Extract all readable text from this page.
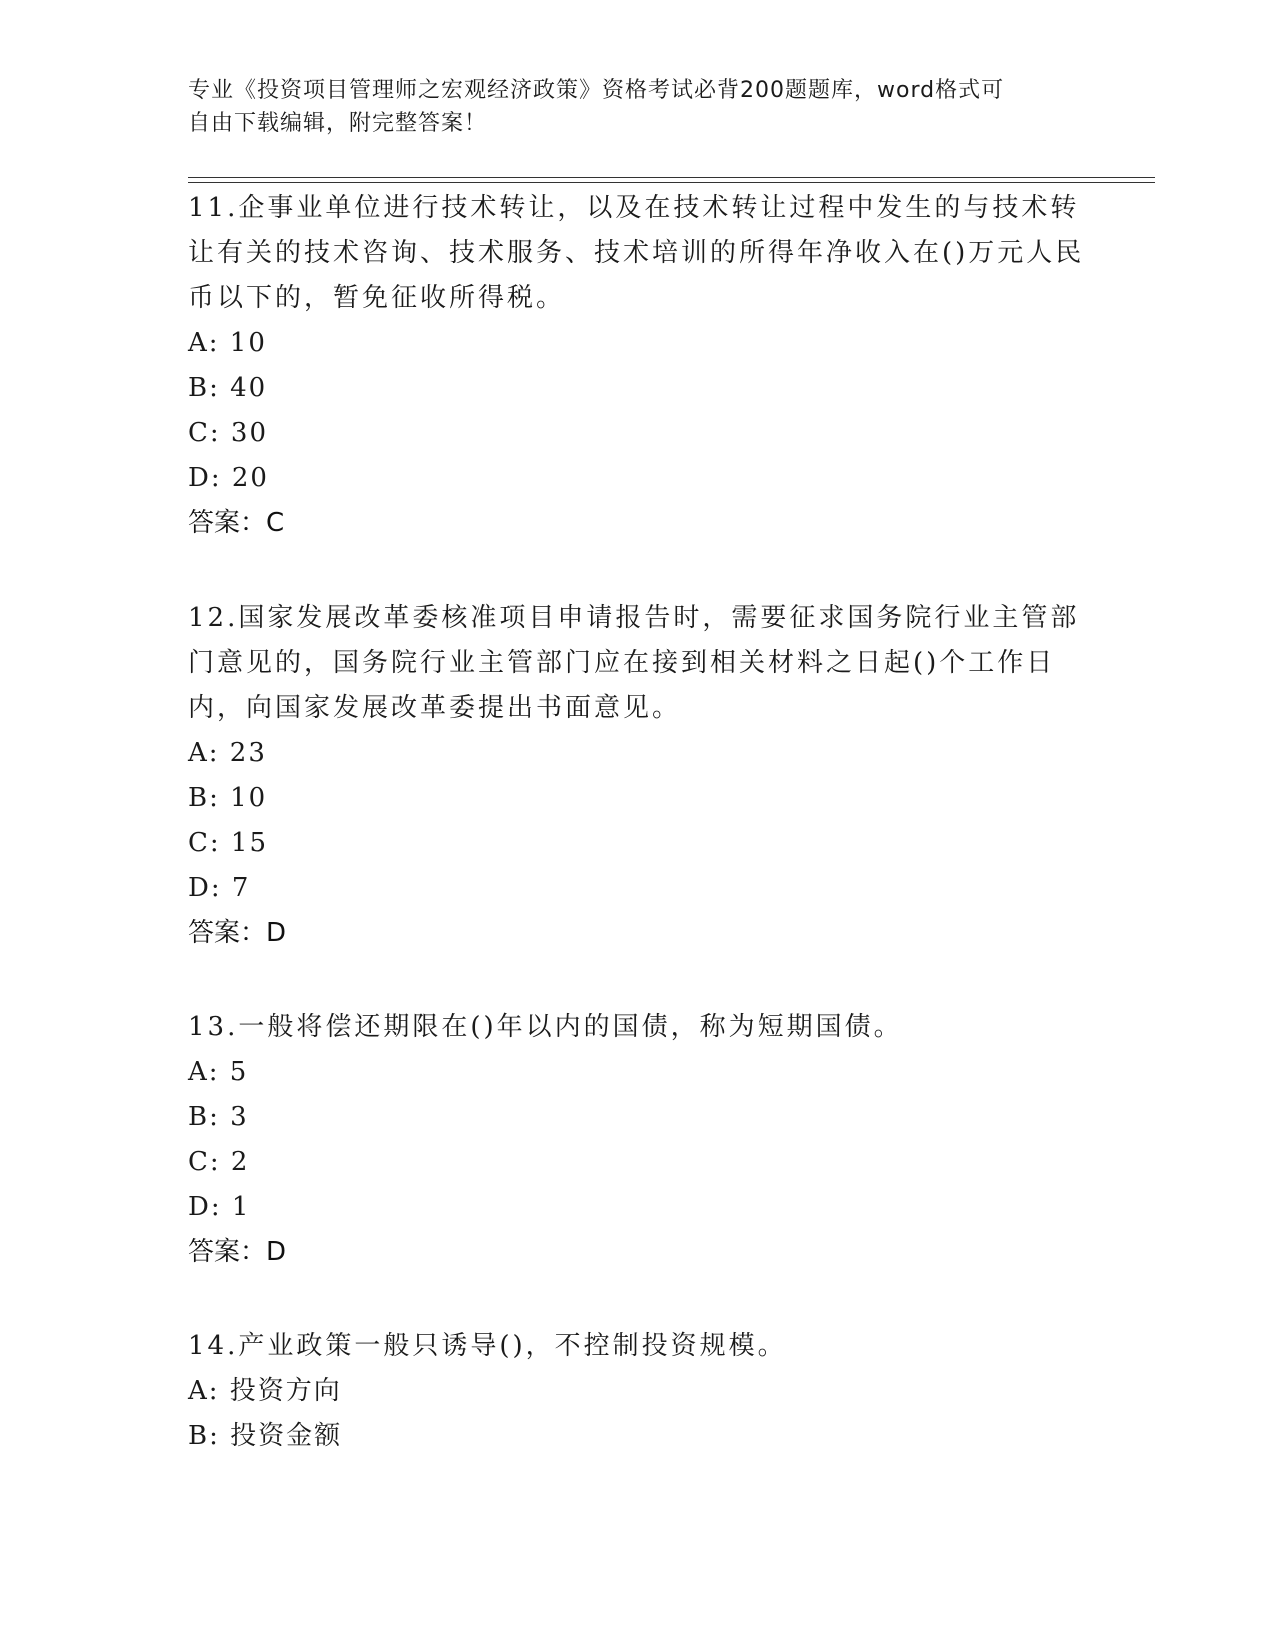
专业《投资项目管理师之宏观经济政策》资格考试必背200题题库，word格式可
自由下载编辑，附完整答案！

11.企事业单位进行技术转让，以及在技术转让过程中发生的与技术转让有关的技术咨询、技术服务、技术培训的所得年净收入在()万元人民币以下的，暂免征收所得税。

A: 10

B: 40

C: 30

D: 20

答案：C

12.国家发展改革委核准项目申请报告时，需要征求国务院行业主管部门意见的，国务院行业主管部门应在接到相关材料之日起()个工作日内，向国家发展改革委提出书面意见。

A: 23

B: 10

C: 15

D: 7

答案：D

13.一般将偿还期限在()年以内的国债，称为短期国债。

A: 5

B: 3

C: 2

D: 1

答案：D

14.产业政策一般只诱导()，不控制投资规模。

A: 投资方向

B: 投资金额
